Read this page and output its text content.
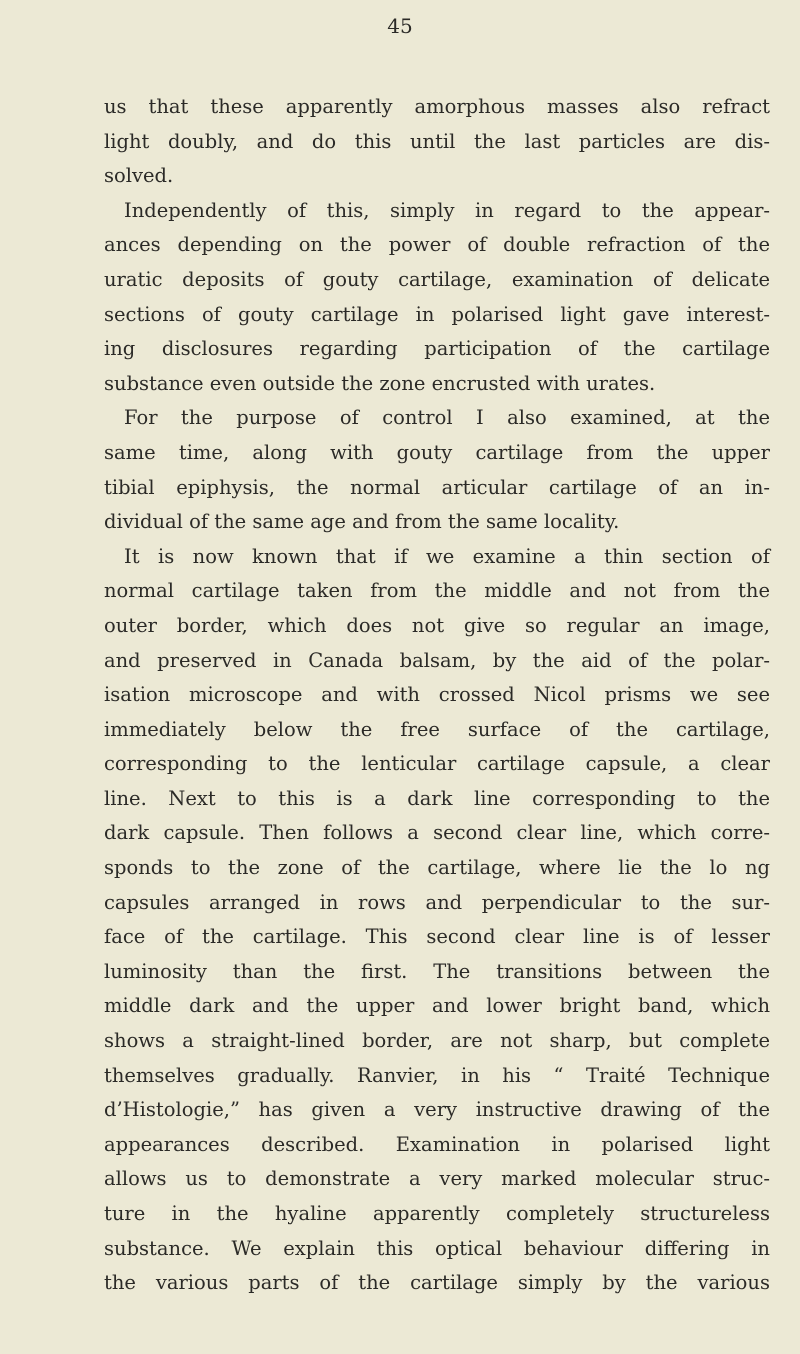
45
us that these apparently amorphous masses also refract
light doubly, and do this until the last particles are dis-
solved.
Independently of this, simply in regard to the appear-
ances depending on the power of double refraction of the
uratic deposits of gouty cartilage, examination of delicate
sections of gouty cartilage in polarised light gave interest-
ing disclosures regarding participation of the cartilage
substance even outside the zone encrusted with urates.
For the purpose of control I also examined, at the
same time, along with gouty cartilage from the upper
tibial epiphysis, the normal articular cartilage of an in-
dividual of the same age and from the same locality.
It is now known that if we examine a thin section of
normal cartilage taken from the middle and not from the
outer border, which does not give so regular an image,
and preserved in Canada balsam, by the aid of the polar-
isation microscope and with crossed Nicol prisms we see
immediately below the free surface of the cartilage,
corresponding to the lenticular cartilage capsule, a clear
line. Next to this is a dark line corresponding to the
dark capsule. Then follows a second clear line, which corre-
sponds to the zone of the cartilage, where lie the lo ng
capsules arranged in rows and perpendicular to the sur-
face of the cartilage. This second clear line is of lesser
luminosity than the first. The transitions between the
middle dark and the upper and lower bright band, which
shows a straight-lined border, are not sharp, but complete
themselves gradually. Ranvier, in his “ Traité Technique
d’Histologie,” has given a very instructive drawing of the
appearances described. Examination in polarised light
allows us to demonstrate a very marked molecular struc-
ture in the hyaline apparently completely structureless
substance. We explain this optical behaviour differing in
the various parts of the cartilage simply by the various
